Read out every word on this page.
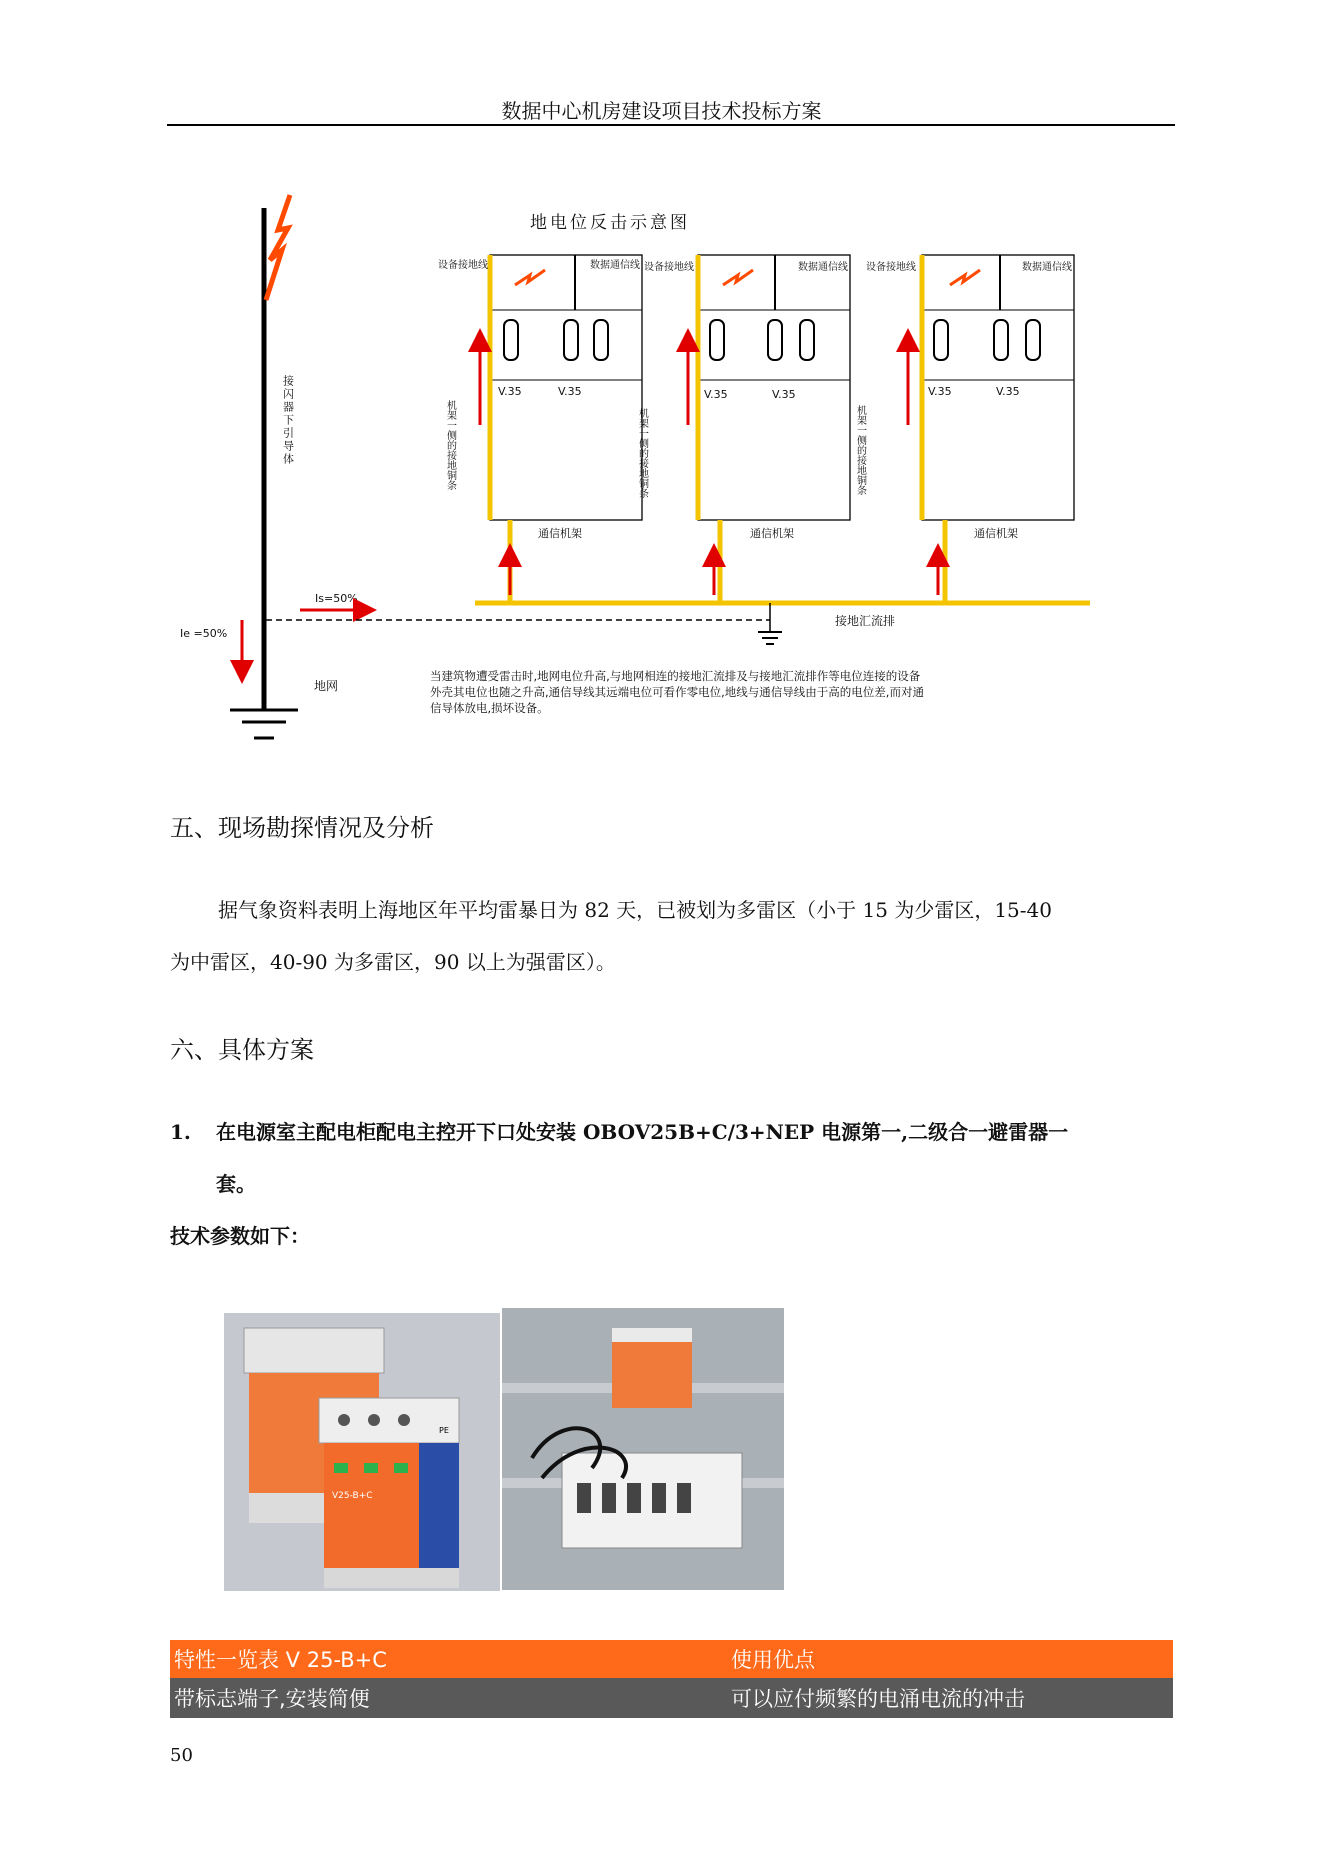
数据中心机房建设项目技术投标方案
地电位反击示意图
接闪器下引导体
地网
Ie =50%
Is=50%
接地汇流排
V.35	V.35
通信机架
设备接地线	数据通信线
机架一侧的接地铜条
V.35	V.35
通信机架
机架一侧的接地铜条
设备接地线	数据通信线
V.35	V.35
通信机架
机架一侧的接地铜条
设备接地线	数据通信线
当建筑物遭受雷击时,地网电位升高,与地网相连的接地汇流排及与接地汇流排作等电位连接的设备外壳其电位也随之升高,通信导线其远端电位可看作零电位,地线与通信导线由于高的电位差,而对通信导体放电,损坏设备。
五、现场勘探情况及分析
据气象资料表明上海地区年平均雷暴日为 82 天，已被划为多雷区（小于 15 为少雷区，15-40
为中雷区，40-90 为多雷区，90 以上为强雷区）。
六、具体方案
1. 在电源室主配电柜配电主控开下口处安装 OBOV25B+C/3+NEP 电源第一,二级合一避雷器一
套。
技术参数如下：
V25-B+C
PE
特性一览表 V 25-B+C	使用优点
带标志端子,安装简便	可以应付频繁的电涌电流的冲击
50
